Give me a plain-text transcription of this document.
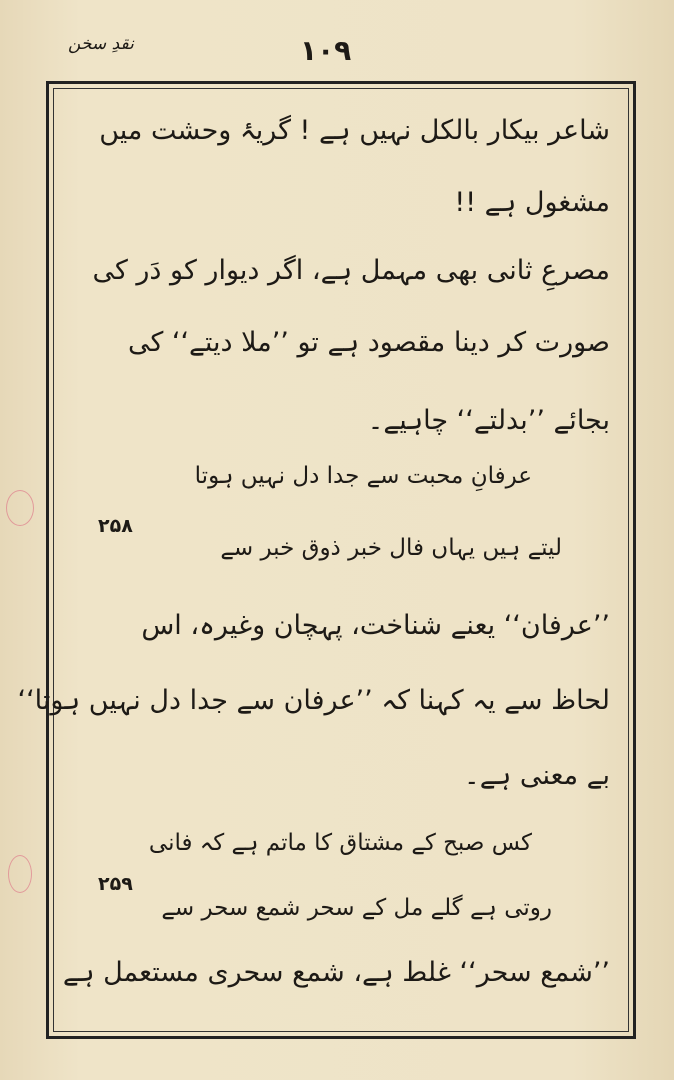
نقدِ سخن	۱۰۹
شاعر بیکار بالکل نہیں ہے ! گریۂ وحشت میں
مشغول ہے !!
مصرعِ ثانی بھی مہمل ہے، اگر دیوار کو دَر کی
صورت کر دینا مقصود ہے تو ’’ملا دیتے‘‘ کی
بجائے ’’بدلتے‘‘ چاہیے۔
عرفانِ محبت سے جدا دل نہیں ہوتا
۲۵۸
لیتے ہیں یہاں فال خبر ذوق خبر سے
’’عرفان‘‘ یعنے شناخت، پہچان وغیرہ، اس
لحاظ سے یہ کہنا کہ ’’عرفان سے جدا دل نہیں ہوتا‘‘
بے معنی ہے۔
کس صبح کے مشتاق کا ماتم ہے کہ فانی
۲۵۹
روتی ہے گلے مل کے سحر شمع سحر سے
’’شمع سحر‘‘ غلط ہے، شمع سحری مستعمل ہے
